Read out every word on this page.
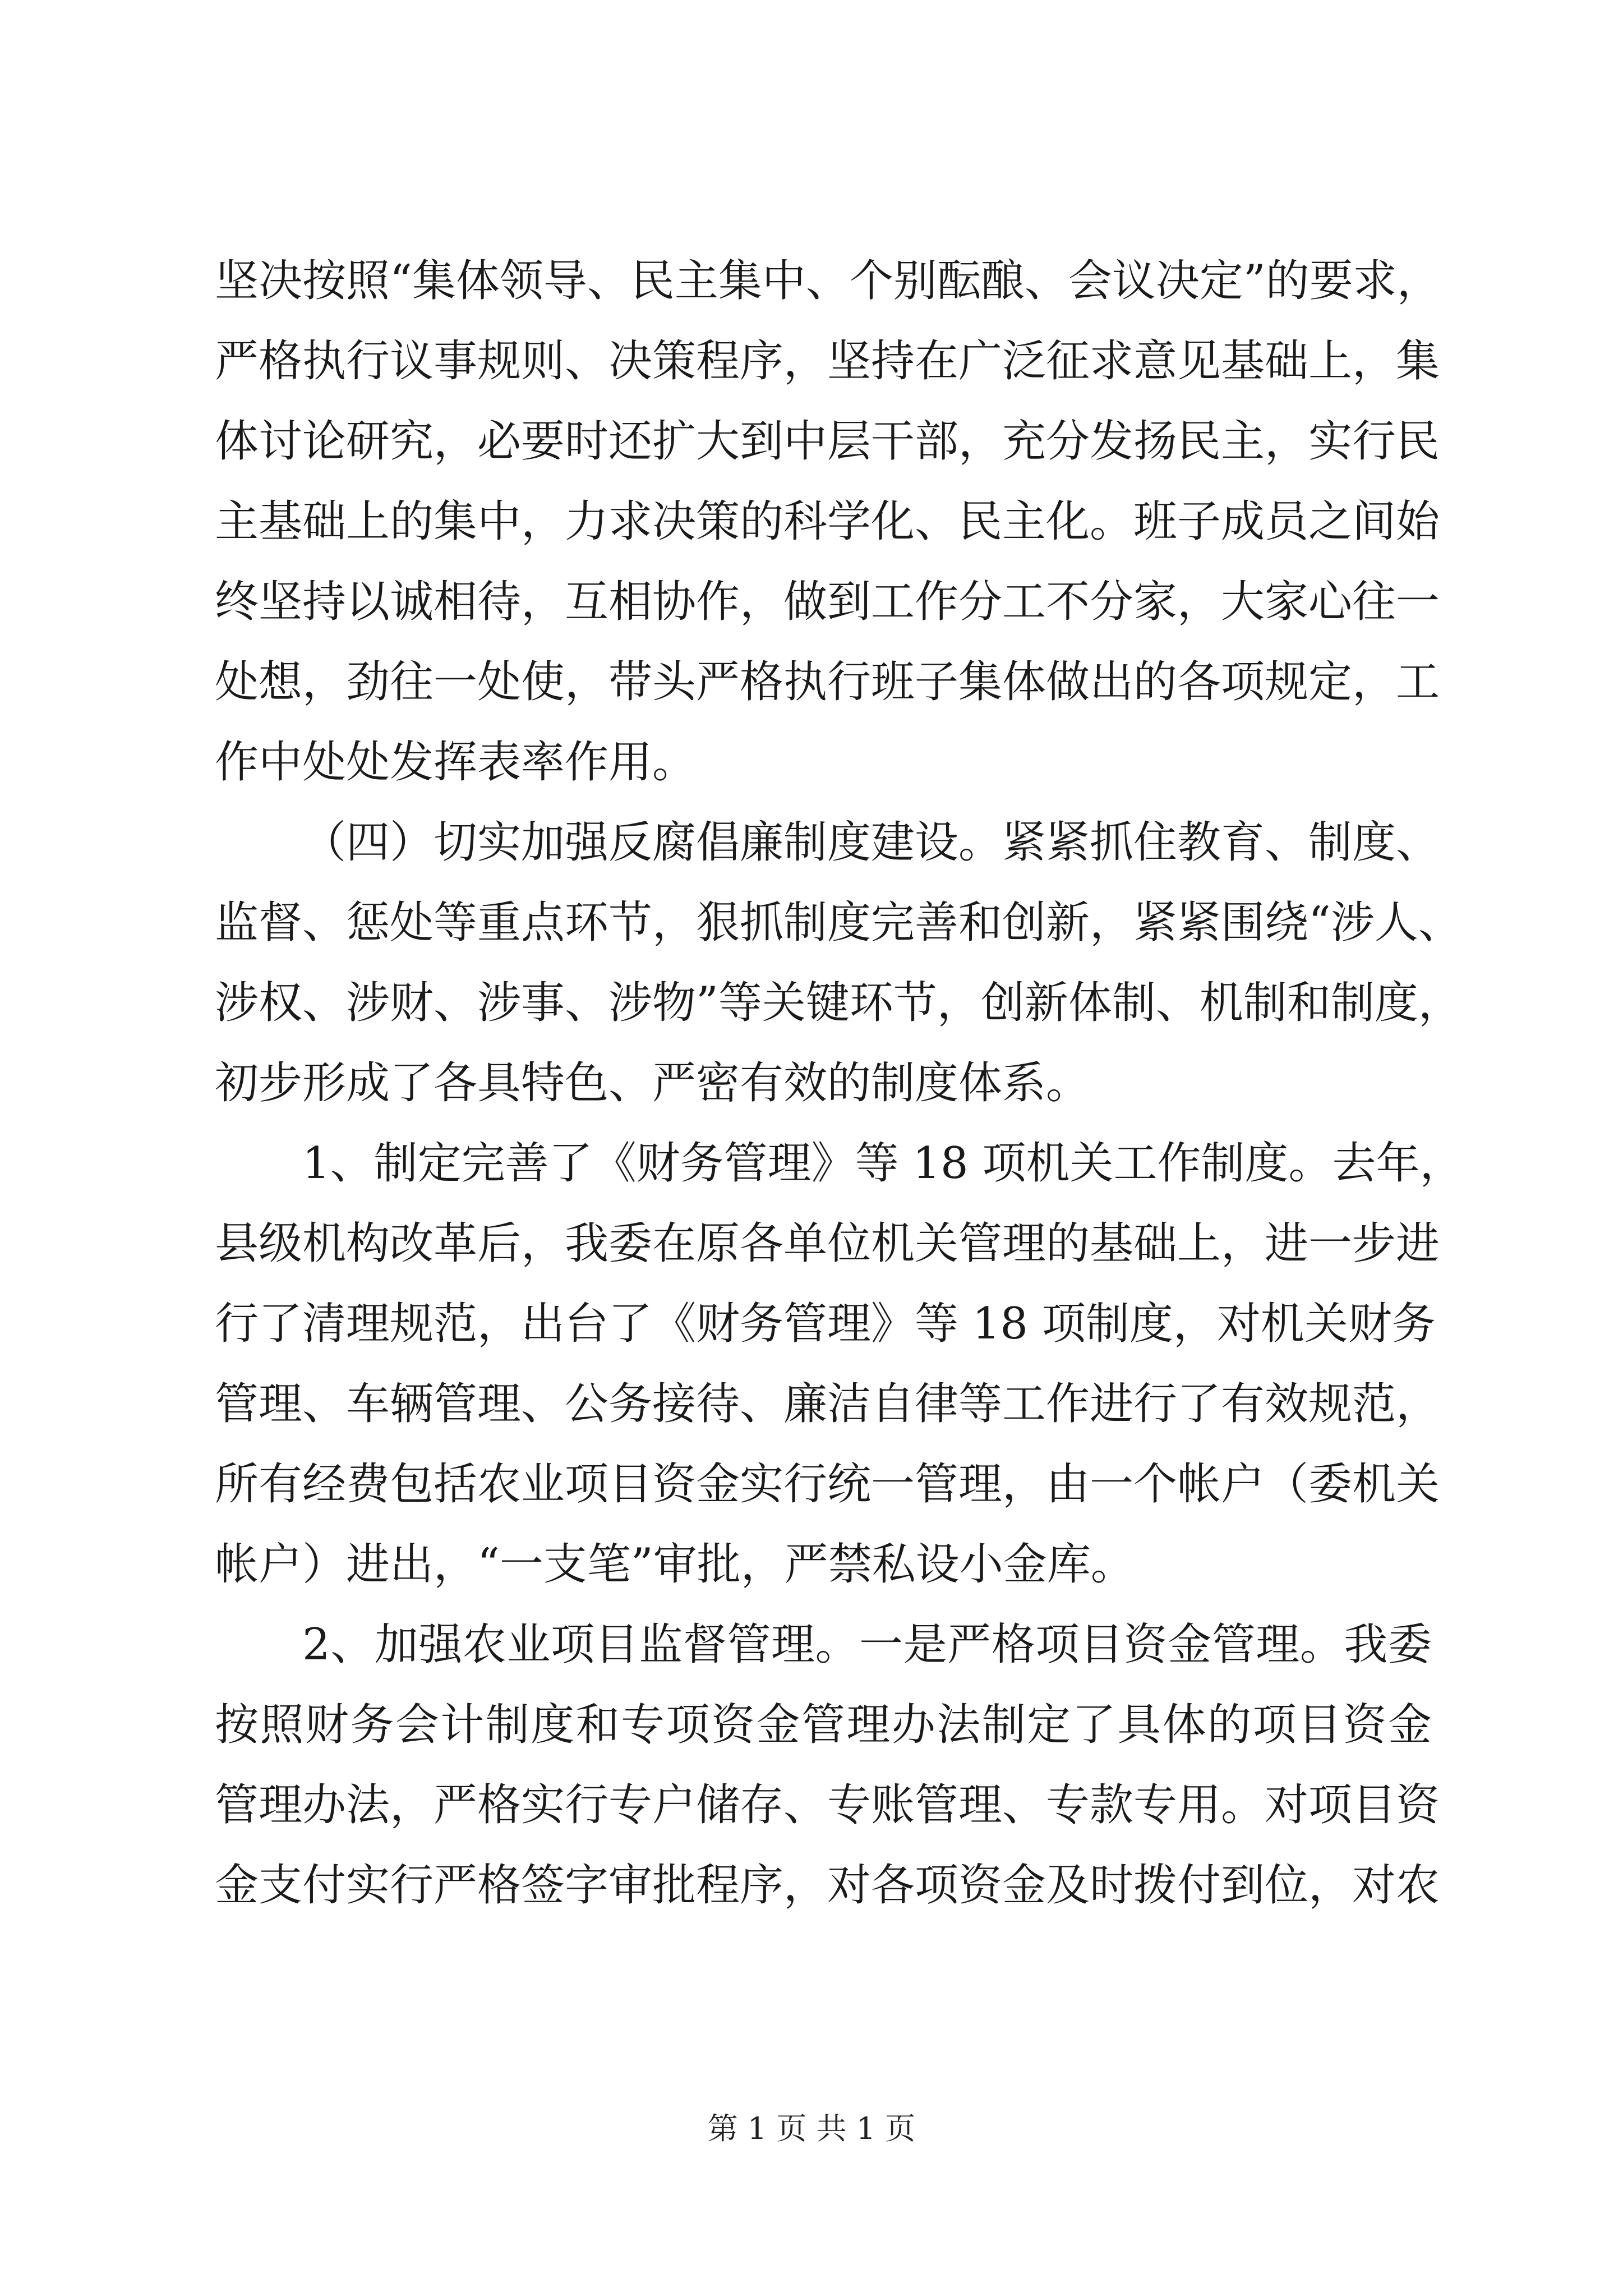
坚决按照“集体领导、民主集中、个别酝酿、会议决定”的要求，
严格执行议事规则、决策程序，坚持在广泛征求意见基础上，集
体讨论研究，必要时还扩大到中层干部，充分发扬民主，实行民
主基础上的集中，力求决策的科学化、民主化。班子成员之间始
终坚持以诚相待，互相协作，做到工作分工不分家，大家心往一
处想，劲往一处使，带头严格执行班子集体做出的各项规定，工
作中处处发挥表率作用。
（四）切实加强反腐倡廉制度建设。紧紧抓住教育、制度、
监督、惩处等重点环节，狠抓制度完善和创新，紧紧围绕“涉人、
涉权、涉财、涉事、涉物”等关键环节，创新体制、机制和制度，
初步形成了各具特色、严密有效的制度体系。
1、制定完善了《财务管理》等 18 项机关工作制度。去年，
县级机构改革后，我委在原各单位机关管理的基础上，进一步进
行了清理规范，出台了《财务管理》等 18 项制度，对机关财务
管理、车辆管理、公务接待、廉洁自律等工作进行了有效规范，
所有经费包括农业项目资金实行统一管理，由一个帐户（委机关
帐户）进出，“一支笔”审批，严禁私设小金库。
2、加强农业项目监督管理。一是严格项目资金管理。我委
按照财务会计制度和专项资金管理办法制定了具体的项目资金
管理办法，严格实行专户储存、专账管理、专款专用。对项目资
金支付实行严格签字审批程序，对各项资金及时拨付到位，对农
第 1 页 共 1 页
